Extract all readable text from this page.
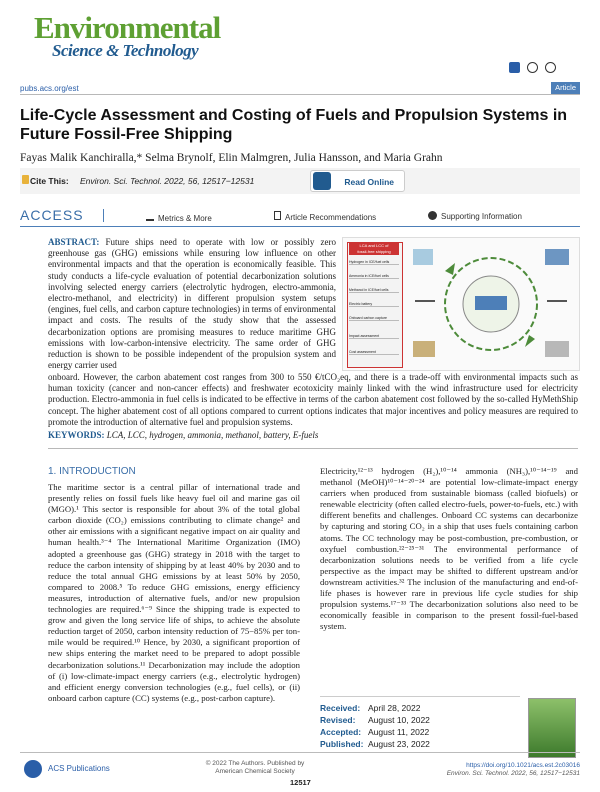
Environmental
Science & Technology

pubs.acs.org/est	Article
Life-Cycle Assessment and Costing of Fuels and Propulsion Systems in Future Fossil-Free Shipping
Fayas Malik Kanchiralla,* Selma Brynolf, Elin Malmgren, Julia Hansson, and Maria Grahn
Cite This: Environ. Sci. Technol. 2022, 56, 12517−12531	Read Online
ACCESS	Metrics & More	Article Recommendations	Supporting Information
ABSTRACT: Future ships need to operate with low or possibly zero greenhouse gas (GHG) emissions while ensuring low influence on other environmental impacts and that the operation is economically feasible. This study conducts a life-cycle evaluation of potential decarbonization solutions involving selected energy carriers (electrolytic hydrogen, electro-ammonia, electro-methanol, and electricity) in different propulsion system setups (engines, fuel cells, and carbon capture technologies) in terms of environmental impact and costs. The results of the study show that the assessed decarbonization options are promising measures to reduce maritime GHG emissions with low-carbon-intensive electricity. The same order of GHG reduction is shown to be possible independent of the propulsion system and energy carrier used
LCA and LCC of
fossil-free shipping
Hydrogen in ICE/fuel cells
Ammonia in ICE/fuel cells
Methanol in ICE/fuel cells
Electric battery
Onboard carbon capture
Impact assessment
Cost assessment
onboard. However, the carbon abatement cost ranges from 300 to 550 €/tCO₂eq, and there is a trade-off with environmental impacts such as human toxicity (cancer and non-cancer effects) and freshwater ecotoxicity mainly linked with the wind infrastructure used for electricity production. Electro-ammonia in fuel cells is indicated to be effective in terms of the carbon abatement cost followed by the so-called HyMethShip concept. The higher abatement cost of all options compared to current options indicates that major incentives and policy measures are required to promote the introduction of alternative fuel and propulsion systems.
KEYWORDS: LCA, LCC, hydrogen, ammonia, methanol, battery, E-fuels
1. INTRODUCTION
The maritime sector is a central pillar of international trade and presently relies on fossil fuels like heavy fuel oil and marine gas oil (MGO).¹ This sector is responsible for about 3% of the total global carbon dioxide (CO₂) emissions contributing to climate change² and other air emissions with a significant negative impact on air quality and human health.³⁻⁴ The International Maritime Organization (IMO) adopted a greenhouse gas (GHG) strategy in 2018 with the target to reduce the carbon intensity of shipping by at least 40% by 2030 and to reduce the total annual GHG emissions by at least 50% by 2050, compared to 2008.⁵ To reduce GHG emissions, energy efficiency measures, introduction of alternative fuels, and/or new propulsion technologies are required.⁶⁻⁹ Since the shipping trade is expected to grow and given the long service life of ships, to achieve the absolute reduction target of 2050, carbon intensity reduction of 75−85% per ton-mile would be required.¹⁰ Hence, by 2030, a significant proportion of new ships entering the market need to be prepared to adopt possible decarbonization solutions.¹¹ Decarbonization may include the adoption of (i) low-climate-impact energy carriers (e.g., electrolytic hydrogen) and efficient energy conversion technologies (e.g., fuel cells), or (ii) onboard carbon capture (CC) systems (e.g., post-carbon capture).
Electricity,¹²⁻¹³ hydrogen (H₂),¹⁰⁻¹⁴ ammonia (NH₃),¹⁰⁻¹⁴⁻¹⁹ and methanol (MeOH)¹⁰⁻¹⁴⁻²⁰⁻²⁴ are potential low-climate-impact energy carriers when produced from sustainable biomass (called biofuels) or renewable electricity (often called electro-fuels, power-to-fuels, etc.) with different benefits and challenges. Onboard CC systems can decarbonize by capturing and storing CO₂ in a ship that uses fuels containing carbon atoms. The CC technology may be post-combustion, pre-combustion, or oxyfuel combustion.²²⁻²⁵⁻³¹ The environmental performance of decarbonization solutions needs to be verified from a life cycle perspective as the impact may be shifted to different upstream and/or downstream activities.³² The inclusion of the manufacturing and end-of-life phases is however rare in previous life cycle studies for ship propulsion systems.¹⁷⁻³³ The decarbonization solutions also need to be economically feasible in comparison to the present fossil-fuel-based system.
Received: April 28, 2022
Revised: August 10, 2022
Accepted: August 11, 2022
Published: August 23, 2022
ACS Publications
© 2022 The Authors. Published by American Chemical Society
12517
https://doi.org/10.1021/acs.est.2c03016
Environ. Sci. Technol. 2022, 56, 12517−12531
